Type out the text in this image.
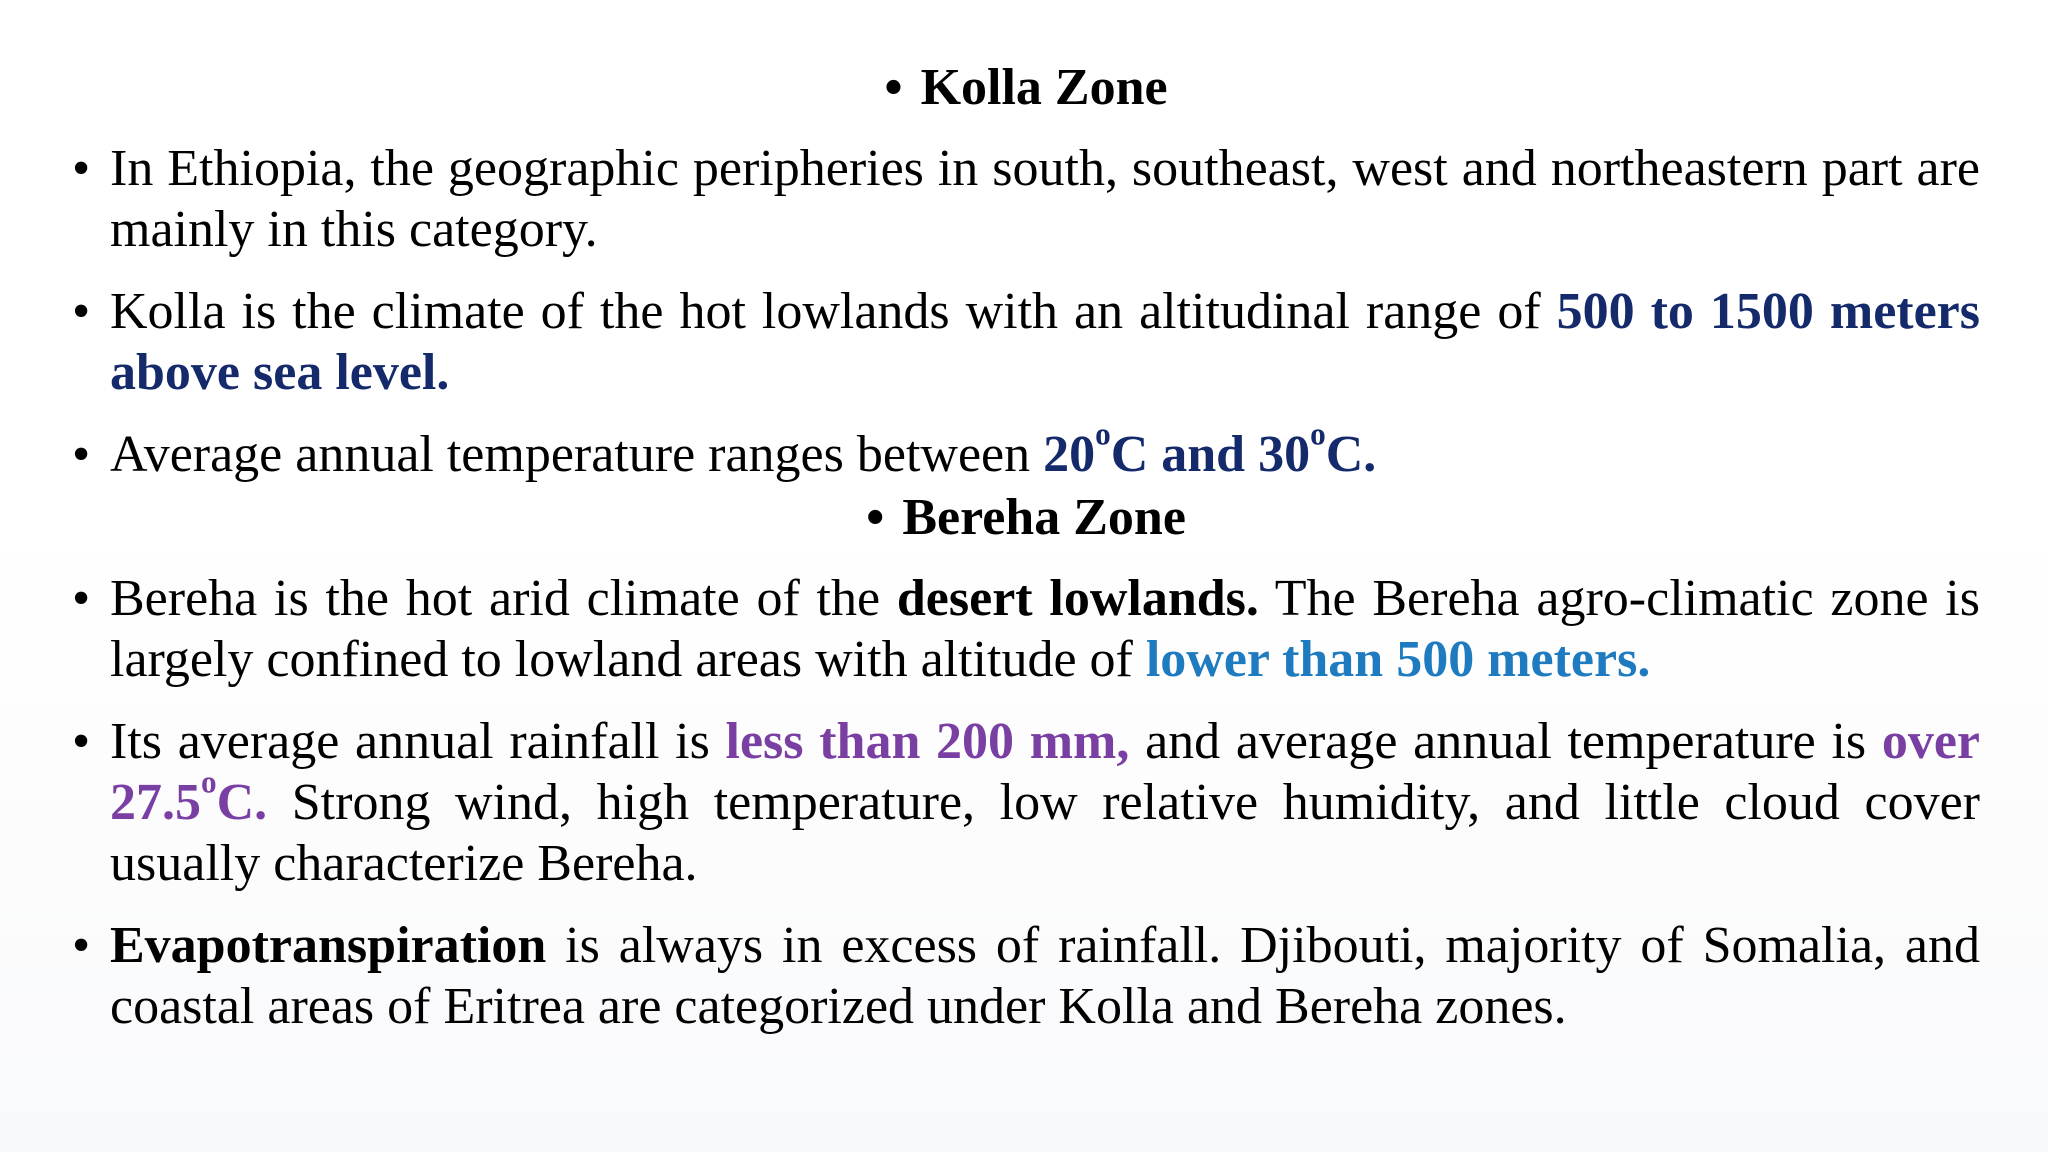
• Kolla Zone
• In Ethiopia, the geographic peripheries in south, southeast, west and northeastern part are mainly in this category.
• Kolla is the climate of the hot lowlands with an altitudinal range of 500 to 1500 meters above sea level.
• Average annual temperature ranges between 20$^o$C and 30$^o$C.
• Bereha Zone
• Bereha is the hot arid climate of the desert lowlands. The Bereha agro-climatic zone is largely confined to lowland areas with altitude of lower than 500 meters.
• Its average annual rainfall is less than 200 mm, and average annual temperature is over 27.5$^o$C. Strong wind, high temperature, low relative humidity, and little cloud cover usually characterize Bereha.
• Evapotranspiration is always in excess of rainfall. Djibouti, majority of Somalia, and coastal areas of Eritrea are categorized under Kolla and Bereha zones.
